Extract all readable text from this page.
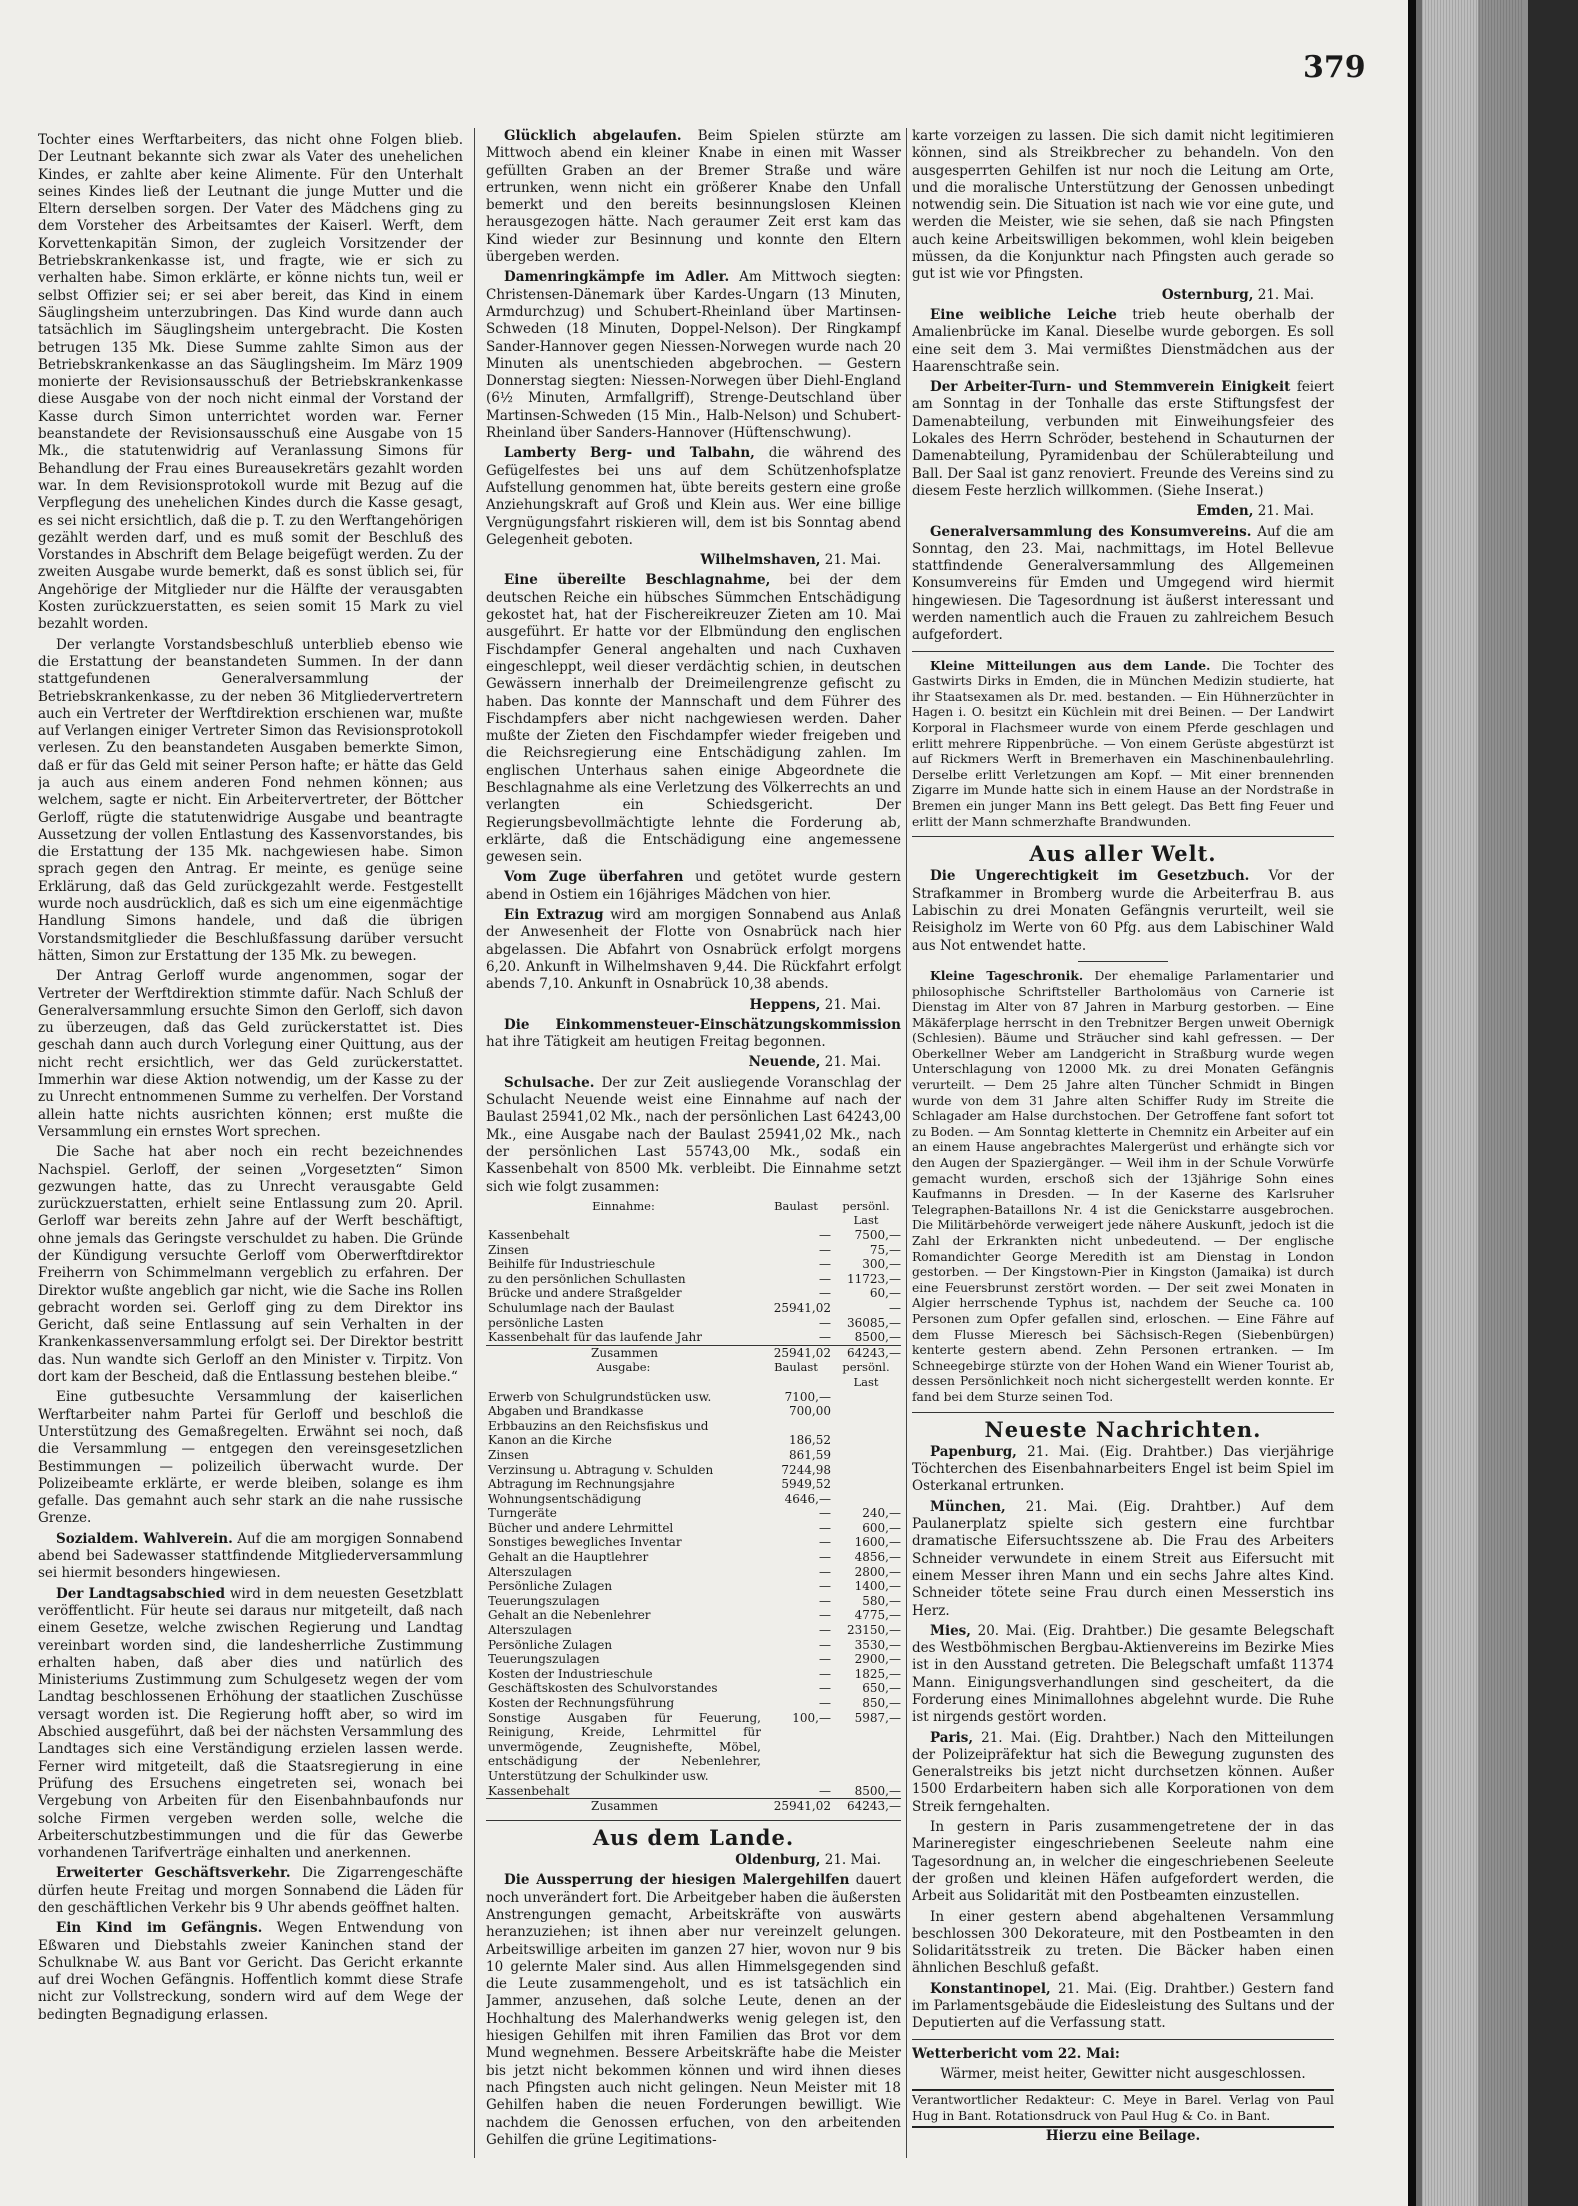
379

Tochter eines Werftarbeiters, das nicht ohne Folgen blieb. Der Leutnant bekannte sich zwar als Vater des unehelichen Kindes, er zahlte aber keine Alimente. Für den Unterhalt seines Kindes ließ der Leutnant die junge Mutter und die Eltern derselben sorgen. Der Vater des Mädchens ging zu dem Vorsteher des Arbeitsamtes der Kaiserl. Werft, dem Korvettenkapitän Simon, der zugleich Vorsitzender der Betriebskrankenkasse ist, und fragte, wie er sich zu verhalten habe. Simon erklärte, er könne nichts tun, weil er selbst Offizier sei; er sei aber bereit, das Kind in einem Säuglingsheim unterzubringen. Das Kind wurde dann auch tatsächlich im Säuglingsheim untergebracht. Die Kosten betrugen 135 Mk. Diese Summe zahlte Simon aus der Betriebskrankenkasse an das Säuglingsheim. Im März 1909 monierte der Revisionsausschuß der Betriebskrankenkasse diese Ausgabe von der noch nicht einmal der Vorstand der Kasse durch Simon unterrichtet worden war. Ferner beanstandete der Revisionsausschuß eine Ausgabe von 15 Mk., die statutenwidrig auf Veranlassung Simons für Behandlung der Frau eines Bureausekretärs gezahlt worden war. In dem Revisionsprotokoll wurde mit Bezug auf die Verpflegung des unehelichen Kindes durch die Kasse gesagt, es sei nicht ersichtlich, daß die p. T. zu den Werftangehörigen gezählt werden darf, und es muß somit der Beschluß des Vorstandes in Abschrift dem Belage beigefügt werden. Zu der zweiten Ausgabe wurde bemerkt, daß es sonst üblich sei, für Angehörige der Mitglieder nur die Hälfte der verausgabten Kosten zurückzuerstatten, es seien somit 15 Mark zu viel bezahlt worden.

Der verlangte Vorstandsbeschluß unterblieb ebenso wie die Erstattung der beanstandeten Summen. In der dann stattgefundenen Generalversammlung der Betriebskrankenkasse, zu der neben 36 Mitgliedervertretern auch ein Vertreter der Werftdirektion erschienen war, mußte auf Verlangen einiger Vertreter Simon das Revisionsprotokoll verlesen. Zu den beanstandeten Ausgaben bemerkte Simon, daß er für das Geld mit seiner Person hafte; er hätte das Geld ja auch aus einem anderen Fond nehmen können; aus welchem, sagte er nicht. Ein Arbeitervertreter, der Böttcher Gerloff, rügte die statutenwidrige Ausgabe und beantragte Aussetzung der vollen Entlastung des Kassenvorstandes, bis die Erstattung der 135 Mk. nachgewiesen habe. Simon sprach gegen den Antrag. Er meinte, es genüge seine Erklärung, daß das Geld zurückgezahlt werde. Festgestellt wurde noch ausdrücklich, daß es sich um eine eigenmächtige Handlung Simons handele, und daß die übrigen Vorstandsmitglieder die Beschlußfassung darüber versucht hätten, Simon zur Erstattung der 135 Mk. zu bewegen.

Der Antrag Gerloff wurde angenommen, sogar der Vertreter der Werftdirektion stimmte dafür. Nach Schluß der Generalversammlung ersuchte Simon den Gerloff, sich davon zu überzeugen, daß das Geld zurückerstattet ist. Dies geschah dann auch durch Vorlegung einer Quittung, aus der nicht recht ersichtlich, wer das Geld zurückerstattet. Immerhin war diese Aktion notwendig, um der Kasse zu der zu Unrecht entnommenen Summe zu verhelfen. Der Vorstand allein hatte nichts ausrichten können; erst mußte die Versammlung ein ernstes Wort sprechen.

Die Sache hat aber noch ein recht bezeichnendes Nachspiel. Gerloff, der seinen „Vorgesetzten“ Simon gezwungen hatte, das zu Unrecht verausgabte Geld zurückzuerstatten, erhielt seine Entlassung zum 20. April. Gerloff war bereits zehn Jahre auf der Werft beschäftigt, ohne jemals das Geringste verschuldet zu haben. Die Gründe der Kündigung versuchte Gerloff vom Oberwerftdirektor Freiherrn von Schimmelmann vergeblich zu erfahren. Der Direktor wußte angeblich gar nicht, wie die Sache ins Rollen gebracht worden sei. Gerloff ging zu dem Direktor ins Gericht, daß seine Entlassung auf sein Verhalten in der Krankenkassenversammlung erfolgt sei. Der Direktor bestritt das. Nun wandte sich Gerloff an den Minister v. Tirpitz. Von dort kam der Bescheid, daß die Entlassung bestehen bleibe.“

Eine gutbesuchte Versammlung der kaiserlichen Werftarbeiter nahm Partei für Gerloff und beschloß die Unterstützung des Gemaßregelten. Erwähnt sei noch, daß die Versammlung — entgegen den vereinsgesetzlichen Bestimmungen — polizeilich überwacht wurde. Der Polizeibeamte erklärte, er werde bleiben, solange es ihm gefalle. Das gemahnt auch sehr stark an die nahe russische Grenze.

Sozialdem. Wahlverein. Auf die am morgigen Sonnabend abend bei Sadewasser stattfindende Mitgliederversammlung sei hiermit besonders hingewiesen.

Der Landtagsabschied wird in dem neuesten Gesetzblatt veröffentlicht. Für heute sei daraus nur mitgeteilt, daß nach einem Gesetze, welche zwischen Regierung und Landtag vereinbart worden sind, die landesherrliche Zustimmung erhalten haben, daß aber dies und natürlich des Ministeriums Zustimmung zum Schulgesetz wegen der vom Landtag beschlossenen Erhöhung der staatlichen Zuschüsse versagt worden ist. Die Regierung hofft aber, so wird im Abschied ausgeführt, daß bei der nächsten Versammlung des Landtages sich eine Verständigung erzielen lassen werde. Ferner wird mitgeteilt, daß die Staatsregierung in eine Prüfung des Ersuchens eingetreten sei, wonach bei Vergebung von Arbeiten für den Eisenbahnbaufonds nur solche Firmen vergeben werden solle, welche die Arbeiterschutzbestimmungen und die für das Gewerbe vorhandenen Tarifverträge einhalten und anerkennen.

Erweiterter Geschäftsverkehr. Die Zigarrengeschäfte dürfen heute Freitag und morgen Sonnabend die Läden für den geschäftlichen Verkehr bis 9 Uhr abends geöffnet halten.

Ein Kind im Gefängnis. Wegen Entwendung von Eßwaren und Diebstahls zweier Kaninchen stand der Schulknabe W. aus Bant vor Gericht. Das Gericht erkannte auf drei Wochen Gefängnis. Hoffentlich kommt diese Strafe nicht zur Vollstreckung, sondern wird auf dem Wege der bedingten Begnadigung erlassen.

Glücklich abgelaufen. Beim Spielen stürzte am Mittwoch abend ein kleiner Knabe in einen mit Wasser gefüllten Graben an der Bremer Straße und wäre ertrunken, wenn nicht ein größerer Knabe den Unfall bemerkt und den bereits besinnungslosen Kleinen herausgezogen hätte. Nach geraumer Zeit erst kam das Kind wieder zur Besinnung und konnte den Eltern übergeben werden.

Damenringkämpfe im Adler. Am Mittwoch siegten: Christensen-Dänemark über Kardes-Ungarn (13 Minuten, Armdurchzug) und Schubert-Rheinland über Martinsen-Schweden (18 Minuten, Doppel-Nelson). Der Ringkampf Sander-Hannover gegen Niessen-Norwegen wurde nach 20 Minuten als unentschieden abgebrochen. — Gestern Donnerstag siegten: Niessen-Norwegen über Diehl-England (6½ Minuten, Armfallgriff), Strenge-Deutschland über Martinsen-Schweden (15 Min., Halb-Nelson) und Schubert-Rheinland über Sanders-Hannover (Hüftenschwung).

Lamberty Berg- und Talbahn, die während des Gefügelfestes bei uns auf dem Schützenhofsplatze Aufstellung genommen hat, übte bereits gestern eine große Anziehungskraft auf Groß und Klein aus. Wer eine billige Vergnügungsfahrt riskieren will, dem ist bis Sonntag abend Gelegenheit geboten.

Wilhelmshaven, 21. Mai.

Eine übereilte Beschlagnahme, bei der dem deutschen Reiche ein hübsches Sümmchen Entschädigung gekostet hat, hat der Fischereikreuzer Zieten am 10. Mai ausgeführt. Er hatte vor der Elbmündung den englischen Fischdampfer General angehalten und nach Cuxhaven eingeschleppt, weil dieser verdächtig schien, in deutschen Gewässern innerhalb der Dreimeilengrenze gefischt zu haben. Das konnte der Mannschaft und dem Führer des Fischdampfers aber nicht nachgewiesen werden. Daher mußte der Zieten den Fischdampfer wieder freigeben und die Reichsregierung eine Entschädigung zahlen. Im englischen Unterhaus sahen einige Abgeordnete die Beschlagnahme als eine Verletzung des Völkerrechts an und verlangten ein Schiedsgericht. Der Regierungsbevollmächtigte lehnte die Forderung ab, erklärte, daß die Entschädigung eine angemessene gewesen sein.

Vom Zuge überfahren und getötet wurde gestern abend in Ostiem ein 16jähriges Mädchen von hier.

Ein Extrazug wird am morgigen Sonnabend aus Anlaß der Anwesenheit der Flotte von Osnabrück nach hier abgelassen. Die Abfahrt von Osnabrück erfolgt morgens 6,20. Ankunft in Wilhelmshaven 9,44. Die Rückfahrt erfolgt abends 7,10. Ankunft in Osnabrück 10,38 abends.

Heppens, 21. Mai.

Die Einkommensteuer-Einschätzungskommission hat ihre Tätigkeit am heutigen Freitag begonnen.

Neuende, 21. Mai.

Schulsache. Der zur Zeit ausliegende Voranschlag der Schulacht Neuende weist eine Einnahme auf nach der Baulast 25941,02 Mk., nach der persönlichen Last 64243,00 Mk., eine Ausgabe nach der Baulast 25941,02 Mk., nach der persönlichen Last 55743,00 Mk., sodaß ein Kassenbehalt von 8500 Mk. verbleibt. Die Einnahme setzt sich wie folgt zusammen:

Einnahme:	Baulast	persönl. Last
Kassenbehalt	—	7500,—
Zinsen	—	75,—
Beihilfe für Industrieschule	—	300,—
zu den persönlichen Schullasten	—	11723,—
Brücke und andere Straßgelder	—	60,—
Schulumlage nach der Baulast	25941,02	—
persönliche Lasten	—	36085,—
Kassenbehalt für das laufende Jahr	—	8500,—
Zusammen	25941,02	64243,—
Ausgabe:	Baulast	persönl. Last
Erwerb von Schulgrundstücken usw.	7100,—	
Abgaben und Brandkasse	700,00	
Erbbauzins an den Reichsfiskus und		
Kanon an die Kirche	186,52	
Zinsen	861,59	
Verzinsung u. Abtragung v. Schulden	7244,98	
Abtragung im Rechnungsjahre	5949,52	
Wohnungsentschädigung	4646,—	
Turngeräte	—	240,—
Bücher und andere Lehrmittel	—	600,—
Sonstiges bewegliches Inventar	—	1600,—
Gehalt an die Hauptlehrer	—	4856,—
Alterszulagen	—	2800,—
Persönliche Zulagen	—	1400,—
Teuerungszulagen	—	580,—
Gehalt an die Nebenlehrer	—	4775,—
Alterszulagen	—	23150,—
Persönliche Zulagen	—	3530,—
Teuerungszulagen	—	2900,—
Kosten der Industrieschule	—	1825,—
Geschäftskosten des Schulvorstandes	—	650,—
Kosten der Rechnungsführung	—	850,—
Sonstige Ausgaben für Feuerung, Reinigung, Kreide, Lehrmittel für unvermögende, Zeugnishefte, Möbel, entschädigung der Nebenlehrer, Unterstützung der Schulkinder usw.	100,—	5987,—
Kassenbehalt	—	8500,—
Zusammen	25941,02	64243,—
Aus dem Lande.
Oldenburg, 21. Mai.

Die Aussperrung der hiesigen Malergehilfen dauert noch unverändert fort. Die Arbeitgeber haben die äußersten Anstrengungen gemacht, Arbeitskräfte von auswärts heranzuziehen; ist ihnen aber nur vereinzelt gelungen. Arbeitswillige arbeiten im ganzen 27 hier, wovon nur 9 bis 10 gelernte Maler sind. Aus allen Himmelsgegenden sind die Leute zusammengeholt, und es ist tatsächlich ein Jammer, anzusehen, daß solche Leute, denen an der Hochhaltung des Malerhandwerks wenig gelegen ist, den hiesigen Gehilfen mit ihren Familien das Brot vor dem Mund wegnehmen. Bessere Arbeitskräfte habe die Meister bis jetzt nicht bekommen können und wird ihnen dieses nach Pfingsten auch nicht gelingen. Neun Meister mit 18 Gehilfen haben die neuen Forderungen bewilligt. Wie nachdem die Genossen erfuchen, von den arbeitenden Gehilfen die grüne Legitimations-

karte vorzeigen zu lassen. Die sich damit nicht legitimieren können, sind als Streikbrecher zu behandeln. Von den ausgesperrten Gehilfen ist nur noch die Leitung am Orte, und die moralische Unterstützung der Genossen unbedingt notwendig sein. Die Situation ist nach wie vor eine gute, und werden die Meister, wie sie sehen, daß sie nach Pfingsten auch keine Arbeitswilligen bekommen, wohl klein beigeben müssen, da die Konjunktur nach Pfingsten auch gerade so gut ist wie vor Pfingsten.

Osternburg, 21. Mai.

Eine weibliche Leiche trieb heute oberhalb der Amalienbrücke im Kanal. Dieselbe wurde geborgen. Es soll eine seit dem 3. Mai vermißtes Dienstmädchen aus der Haarenschtraße sein.

Der Arbeiter-Turn- und Stemmverein Einigkeit feiert am Sonntag in der Tonhalle das erste Stiftungsfest der Damenabteilung, verbunden mit Einweihungsfeier des Lokales des Herrn Schröder, bestehend in Schauturnen der Damenabteilung, Pyramidenbau der Schülerabteilung und Ball. Der Saal ist ganz renoviert. Freunde des Vereins sind zu diesem Feste herzlich willkommen. (Siehe Inserat.)

Emden, 21. Mai.

Generalversammlung des Konsumvereins. Auf die am Sonntag, den 23. Mai, nachmittags, im Hotel Bellevue stattfindende Generalversammlung des Allgemeinen Konsumvereins für Emden und Umgegend wird hiermit hingewiesen. Die Tagesordnung ist äußerst interessant und werden namentlich auch die Frauen zu zahlreichem Besuch aufgefordert.

Kleine Mitteilungen aus dem Lande. Die Tochter des Gastwirts Dirks in Emden, die in München Medizin studierte, hat ihr Staatsexamen als Dr. med. bestanden. — Ein Hühnerzüchter in Hagen i. O. besitzt ein Küchlein mit drei Beinen. — Der Landwirt Korporal in Flachsmeer wurde von einem Pferde geschlagen und erlitt mehrere Rippenbrüche. — Von einem Gerüste abgestürzt ist auf Rickmers Werft in Bremerhaven ein Maschinenbaulehrling. Derselbe erlitt Verletzungen am Kopf. — Mit einer brennenden Zigarre im Munde hatte sich in einem Hause an der Nordstraße in Bremen ein junger Mann ins Bett gelegt. Das Bett fing Feuer und erlitt der Mann schmerzhafte Brandwunden.

Aus aller Welt.

Die Ungerechtigkeit im Gesetzbuch. Vor der Strafkammer in Bromberg wurde die Arbeiterfrau B. aus Labischin zu drei Monaten Gefängnis verurteilt, weil sie Reisigholz im Werte von 60 Pfg. aus dem Labischiner Wald aus Not entwendet hatte.

Kleine Tageschronik. Der ehemalige Parlamentarier und philosophische Schriftsteller Bartholomäus von Carnerie ist Dienstag im Alter von 87 Jahren in Marburg gestorben. — Eine Mäkäferplage herrscht in den Trebnitzer Bergen unweit Obernigk (Schlesien). Bäume und Sträucher sind kahl gefressen. — Der Oberkellner Weber am Landgericht in Straßburg wurde wegen Unterschlagung von 12000 Mk. zu drei Monaten Gefängnis verurteilt. — Dem 25 Jahre alten Tüncher Schmidt in Bingen wurde von dem 31 Jahre alten Schiffer Rudy im Streite die Schlagader am Halse durchstochen. Der Getroffene fant sofort tot zu Boden. — Am Sonntag kletterte in Chemnitz ein Arbeiter auf ein an einem Hause angebrachtes Malergerüst und erhängte sich vor den Augen der Spaziergänger. — Weil ihm in der Schule Vorwürfe gemacht wurden, erschoß sich der 13jährige Sohn eines Kaufmanns in Dresden. — In der Kaserne des Karlsruher Telegraphen-Bataillons Nr. 4 ist die Genickstarre ausgebrochen. Die Militärbehörde verweigert jede nähere Auskunft, jedoch ist die Zahl der Erkrankten nicht unbedeutend. — Der englische Romandichter George Meredith ist am Dienstag in London gestorben. — Der Kingstown-Pier in Kingston (Jamaika) ist durch eine Feuersbrunst zerstört worden. — Der seit zwei Monaten in Algier herrschende Typhus ist, nachdem der Seuche ca. 100 Personen zum Opfer gefallen sind, erloschen. — Eine Fähre auf dem Flusse Mieresch bei Sächsisch-Regen (Siebenbürgen) kenterte gestern abend. Zehn Personen ertranken. — Im Schneegebirge stürzte von der Hohen Wand ein Wiener Tourist ab, dessen Persönlichkeit noch nicht sichergestellt werden konnte. Er fand bei dem Sturze seinen Tod.

Neueste Nachrichten.

Papenburg, 21. Mai. (Eig. Drahtber.) Das vierjährige Töchterchen des Eisenbahnarbeiters Engel ist beim Spiel im Osterkanal ertrunken.

München, 21. Mai. (Eig. Drahtber.) Auf dem Paulanerplatz spielte sich gestern eine furchtbar dramatische Eifersuchtsszene ab. Die Frau des Arbeiters Schneider verwundete in einem Streit aus Eifersucht mit einem Messer ihren Mann und ein sechs Jahre altes Kind. Schneider tötete seine Frau durch einen Messerstich ins Herz.

Mies, 20. Mai. (Eig. Drahtber.) Die gesamte Belegschaft des Westböhmischen Bergbau-Aktienvereins im Bezirke Mies ist in den Ausstand getreten. Die Belegschaft umfaßt 11374 Mann. Einigungsverhandlungen sind gescheitert, da die Forderung eines Minimallohnes abgelehnt wurde. Die Ruhe ist nirgends gestört worden.

Paris, 21. Mai. (Eig. Drahtber.) Nach den Mitteilungen der Polizeipräfektur hat sich die Bewegung zugunsten des Generalstreiks bis jetzt nicht durchsetzen können. Außer 1500 Erdarbeitern haben sich alle Korporationen von dem Streik ferngehalten.

In gestern in Paris zusammengetretene der in das Marineregister eingeschriebenen Seeleute nahm eine Tagesordnung an, in welcher die eingeschriebenen Seeleute der großen und kleinen Häfen aufgefordert werden, die Arbeit aus Solidarität mit den Postbeamten einzustellen.

In einer gestern abend abgehaltenen Versammlung beschlossen 300 Dekorateure, mit den Postbeamten in den Solidaritätsstreik zu treten. Die Bäcker haben einen ähnlichen Beschluß gefaßt.

Konstantinopel, 21. Mai. (Eig. Drahtber.) Gestern fand im Parlamentsgebäude die Eidesleistung des Sultans und der Deputierten auf die Verfassung statt.

Wetterbericht vom 22. Mai:

Wärmer, meist heiter, Gewitter nicht ausgeschlossen.

Verantwortlicher Redakteur: C. Meye in Barel. Verlag von Paul Hug in Bant. Rotationsdruck von Paul Hug & Co. in Bant.

Hierzu eine Beilage.
